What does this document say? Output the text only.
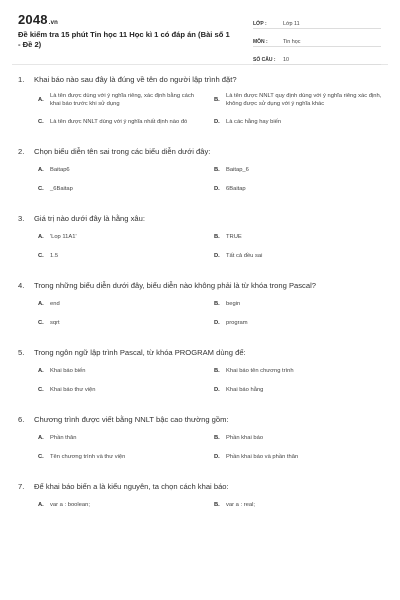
2048.vn
Đề kiểm tra 15 phút Tin học 11 Học kì 1 có đáp án (Bài số 1 - Đề 2)
LỚP :	Lớp 11
MÔN :	Tin học
SỐ CÂU :	10
1.	Khai báo nào sau đây là đúng về tên do người lập trình đặt?
A.
Là tên được dùng với ý nghĩa riêng, xác định bằng cách khai báo trước khi sử dụng
B.
Là tên được NNLT quy định dùng với ý nghĩa riêng xác định, không được sử dụng với ý nghĩa khác
C.	Là tên được NNLT dùng với ý nghĩa nhất định nào đó	D.	Là các hằng hay biến
2.	Chọn biểu diễn tên sai trong các biểu diễn dưới đây:
A.	Baitap6	B.	Baitap_6
C.	_6Baitap	D.	6Baitap
3.	Giá trị nào dưới đây là hằng xâu:
A.	'Lop 11A1'	B.	TRUE
C.	1.5	D.	Tất cả đều sai
4.	Trong những biểu diễn dưới đây, biểu diễn nào không phải là từ khóa trong Pascal?
A.	end	B.	begin
C.	sqrt	D.	program
5.	Trong ngôn ngữ lập trình Pascal, từ khóa PROGRAM dùng để:
A.	Khai báo biến	B.	Khai báo tên chương trình
C.	Khai báo thư viện	D.	Khai báo hằng
6.	Chương trình được viết bằng NNLT bậc cao thường gồm:
A.	Phần thân	B.	Phần khai báo
C.	Tên chương trình và thư viện	D.	Phần khai báo và phần thân
7.	Để khai báo biến a là kiểu nguyên, ta chọn cách khai báo:
A.	var a : boolean;	B.	var a : real;
